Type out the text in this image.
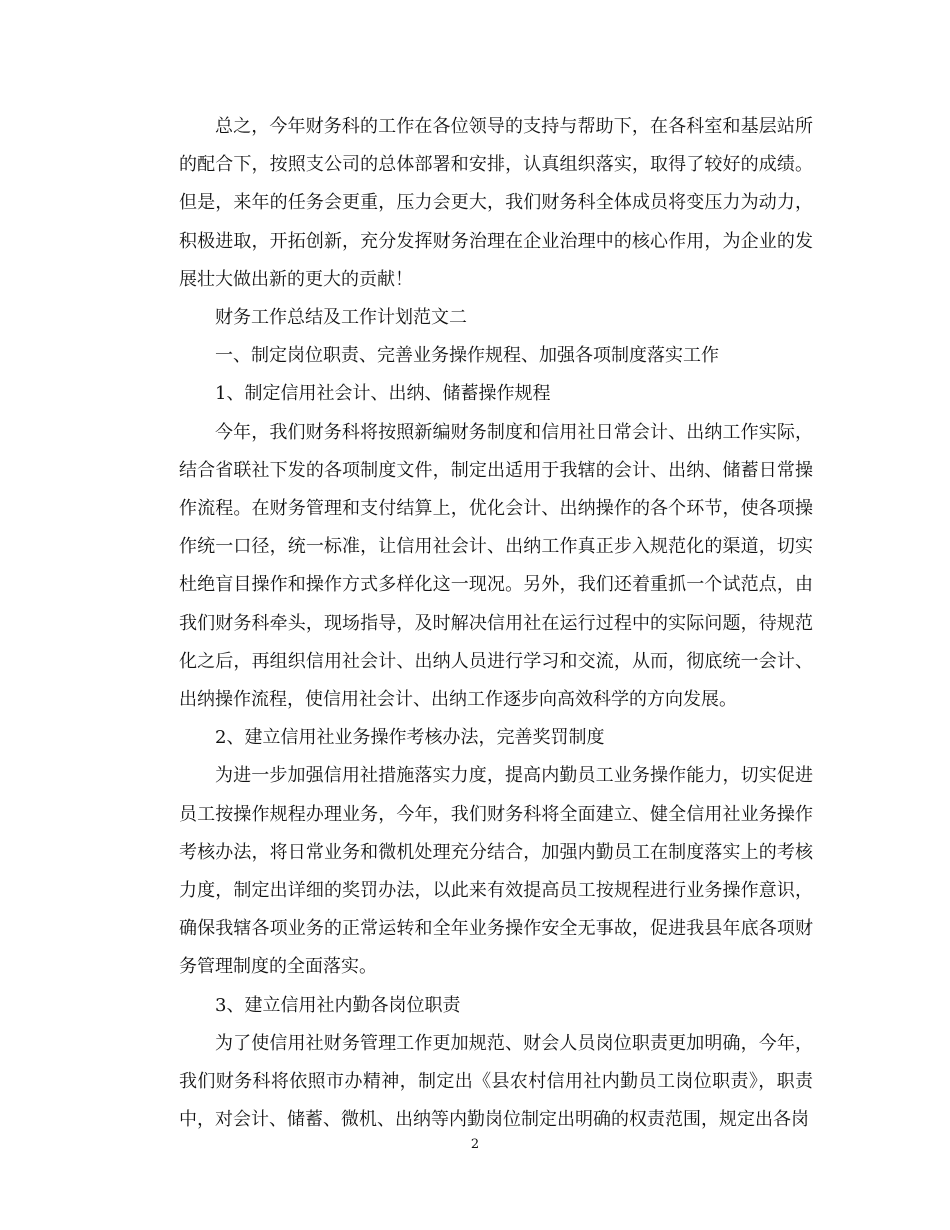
总之，今年财务科的工作在各位领导的支持与帮助下，在各科室和基层站所
的配合下，按照支公司的总体部署和安排，认真组织落实，取得了较好的成绩。
但是，来年的任务会更重，压力会更大，我们财务科全体成员将变压力为动力，
积极进取，开拓创新，充分发挥财务治理在企业治理中的核心作用，为企业的发
展壮大做出新的更大的贡献！
财务工作总结及工作计划范文二
一、制定岗位职责、完善业务操作规程、加强各项制度落实工作
1、制定信用社会计、出纳、储蓄操作规程
今年，我们财务科将按照新编财务制度和信用社日常会计、出纳工作实际，
结合省联社下发的各项制度文件，制定出适用于我辖的会计、出纳、储蓄日常操
作流程。在财务管理和支付结算上，优化会计、出纳操作的各个环节，使各项操
作统一口径，统一标准，让信用社会计、出纳工作真正步入规范化的渠道，切实
杜绝盲目操作和操作方式多样化这一现况。另外，我们还着重抓一个试范点，由
我们财务科牵头，现场指导，及时解决信用社在运行过程中的实际问题，待规范
化之后，再组织信用社会计、出纳人员进行学习和交流，从而，彻底统一会计、
出纳操作流程，使信用社会计、出纳工作逐步向高效科学的方向发展。
2、建立信用社业务操作考核办法，完善奖罚制度
为进一步加强信用社措施落实力度，提高内勤员工业务操作能力，切实促进
员工按操作规程办理业务，今年，我们财务科将全面建立、健全信用社业务操作
考核办法，将日常业务和微机处理充分结合，加强内勤员工在制度落实上的考核
力度，制定出详细的奖罚办法，以此来有效提高员工按规程进行业务操作意识，
确保我辖各项业务的正常运转和全年业务操作安全无事故，促进我县年底各项财
务管理制度的全面落实。
3、建立信用社内勤各岗位职责
为了使信用社财务管理工作更加规范、财会人员岗位职责更加明确，今年，
我们财务科将依照市办精神，制定出《县农村信用社内勤员工岗位职责》，职责
中，对会计、储蓄、微机、出纳等内勤岗位制定出明确的权责范围，规定出各岗
2
